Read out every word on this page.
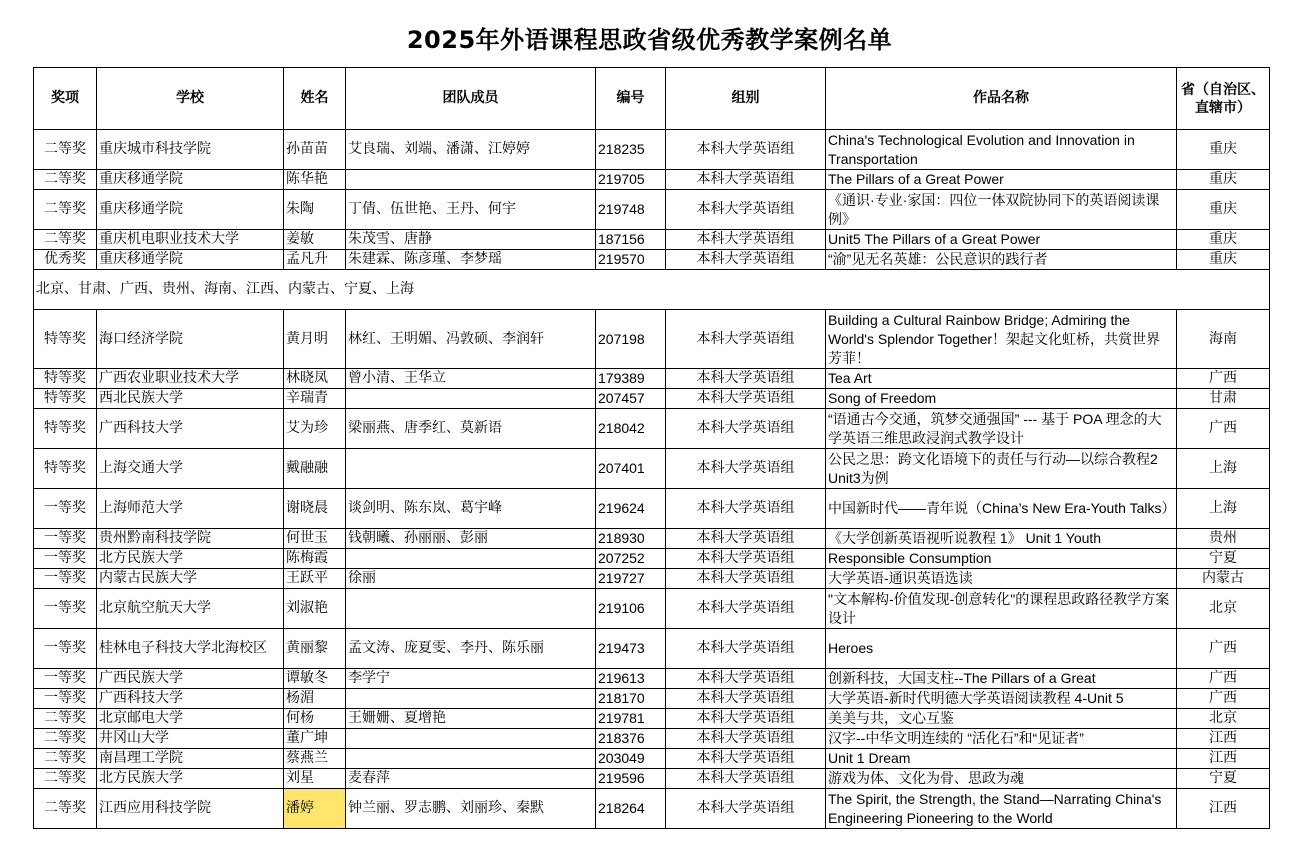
2025年外语课程思政省级优秀教学案例名单
奖项	学校	姓名	团队成员	编号	组别	作品名称	省（自治区、直辖市）
二等奖	重庆城市科技学院	孙苗苗	艾良瑞、刘端、潘潇、江婷婷	218235	本科大学英语组	China's Technological Evolution and Innovation in Transportation	重庆
二等奖	重庆移通学院	陈华艳		219705	本科大学英语组	The Pillars of a Great Power	重庆
二等奖	重庆移通学院	朱陶	丁倩、伍世艳、王丹、何宇	219748	本科大学英语组	《通识·专业·家国：四位一体双院协同下的英语阅读课例》	重庆
二等奖	重庆机电职业技术大学	姜敏	朱茂雪、唐静	187156	本科大学英语组	Unit5 The Pillars of a Great Power	重庆
优秀奖	重庆移通学院	孟凡升	朱建霖、陈彦瑾、李梦瑶	219570	本科大学英语组	“渝”见无名英雄：公民意识的践行者	重庆
北京、甘肃、广西、贵州、海南、江西、内蒙古、宁夏、上海							
特等奖	海口经济学院	黄月明	林红、王明媚、冯敦硕、李润轩	207198	本科大学英语组	Building a Cultural Rainbow Bridge; Admiring the World's Splendor Together！架起文化虹桥，共赏世界芳菲！	海南
特等奖	广西农业职业技术大学	林晓凤	曾小清、王华立	179389	本科大学英语组	Tea Art	广西
特等奖	西北民族大学	辛瑞青		207457	本科大学英语组	Song of Freedom	甘肃
特等奖	广西科技大学	艾为珍	梁丽燕、唐季红、莫新语	218042	本科大学英语组	“语通古今交通，筑梦交通强国” --- 基于 POA 理念的大学英语三维思政浸润式教学设计	广西
特等奖	上海交通大学	戴融融		207401	本科大学英语组	公民之思：跨文化语境下的责任与行动—以综合教程2 Unit3为例	上海
一等奖	上海师范大学	谢晓晨	谈剑明、陈东岚、葛宇峰	219624	本科大学英语组	中国新时代——青年说（China’s New Era-Youth Talks）	上海
一等奖	贵州黔南科技学院	何世玉	钱朝曦、孙丽丽、彭丽	218930	本科大学英语组	《大学创新英语视听说教程 1》 Unit 1 Youth	贵州
一等奖	北方民族大学	陈梅霞		207252	本科大学英语组	Responsible Consumption	宁夏
一等奖	内蒙古民族大学	王跃平	徐丽	219727	本科大学英语组	大学英语-通识英语选读	内蒙古
一等奖	北京航空航天大学	刘淑艳		219106	本科大学英语组	"文本解构-价值发现-创意转化"的课程思政路径教学方案设计	北京
一等奖	桂林电子科技大学北海校区	黄丽黎	孟文涛、庞夏雯、李丹、陈乐丽	219473	本科大学英语组	Heroes	广西
一等奖	广西民族大学	谭敏冬	李学宁	219613	本科大学英语组	创新科技，大国支柱--The Pillars of a Great	广西
一等奖	广西科技大学	杨湄		218170	本科大学英语组	大学英语-新时代明德大学英语阅读教程 4-Unit 5	广西
二等奖	北京邮电大学	何杨	王姗姗、夏增艳	219781	本科大学英语组	美美与共，文心互鉴	北京
二等奖	井冈山大学	董广坤		218376	本科大学英语组	汉字--中华文明连续的 “活化石”和“见证者”	江西
二等奖	南昌理工学院	蔡燕兰		203049	本科大学英语组	Unit 1 Dream	江西
二等奖	北方民族大学	刘星	麦春萍	219596	本科大学英语组	游戏为体、文化为骨、思政为魂	宁夏
二等奖	江西应用科技学院	潘婷	钟兰丽、罗志鹏、刘丽珍、秦默	218264	本科大学英语组	The Spirit, the Strength, the Stand—Narrating China's Engineering Pioneering to the World	江西
